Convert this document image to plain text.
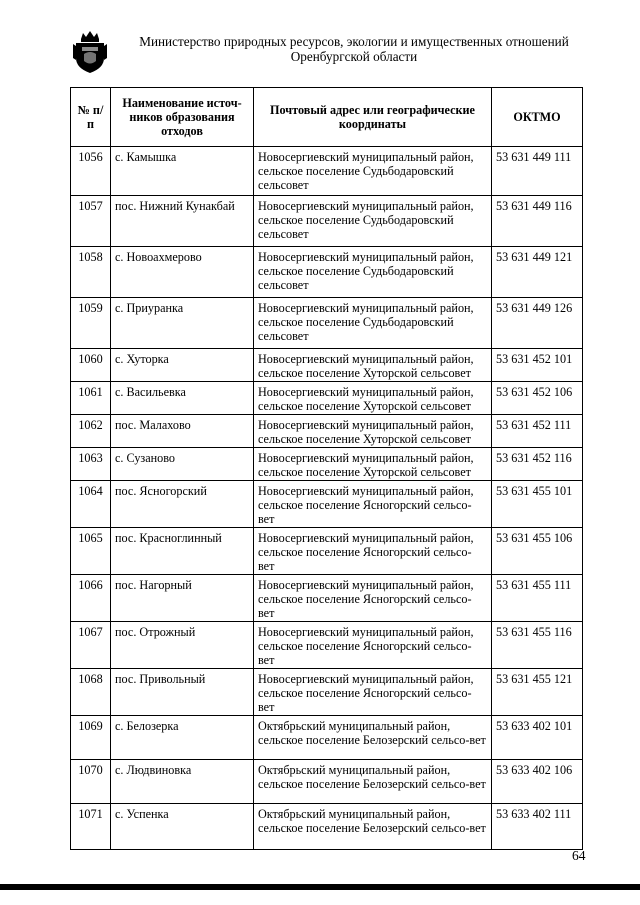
Министерство природных ресурсов, экологии и имущественных отношений
Оренбургской области
№ п/п	Наименование источ-ников образования отходов	Почтовый адрес или географические координаты	ОКТМО
1056	с. Камышка	Новосергиевский муниципальный район, сельское поселение Судьбодаровский сельсовет	53 631 449 111
1057	пос. Нижний Кунакбай	Новосергиевский муниципальный район, сельское поселение Судьбодаровский сельсовет	53 631 449 116
1058	с. Новоахмерово	Новосергиевский муниципальный район, сельское поселение Судьбодаровский сельсовет	53 631 449 121
1059	с. Приуранка	Новосергиевский муниципальный район, сельское поселение Судьбодаровский сельсовет	53 631 449 126
1060	с. Хуторка	Новосергиевский муниципальный район, сельское поселение Хуторской сельсовет	53 631 452 101
1061	с. Васильевка	Новосергиевский муниципальный район, сельское поселение Хуторской сельсовет	53 631 452 106
1062	пос. Малахово	Новосергиевский муниципальный район, сельское поселение Хуторской сельсовет	53 631 452 111
1063	с. Сузаново	Новосергиевский муниципальный район, сельское поселение Хуторской сельсовет	53 631 452 116
1064	пос. Ясногорский	Новосергиевский муниципальный район, сельское поселение Ясногорский сельсо-вет	53 631 455 101
1065	пос. Красноглинный	Новосергиевский муниципальный район, сельское поселение Ясногорский сельсо-вет	53 631 455 106
1066	пос. Нагорный	Новосергиевский муниципальный район, сельское поселение Ясногорский сельсо-вет	53 631 455 111
1067	пос. Отрожный	Новосергиевский муниципальный район, сельское поселение Ясногорский сельсо-вет	53 631 455 116
1068	пос. Привольный	Новосергиевский муниципальный район, сельское поселение Ясногорский сельсо-вет	53 631 455 121
1069	с. Белозерка	Октябрьский муниципальный район, сельское поселение Белозерский сельсо-вет	53 633 402 101
1070	с. Людвиновка	Октябрьский муниципальный район, сельское поселение Белозерский сельсо-вет	53 633 402 106
1071	с. Успенка	Октябрьский муниципальный район, сельское поселение Белозерский сельсо-вет	53 633 402 111
64
